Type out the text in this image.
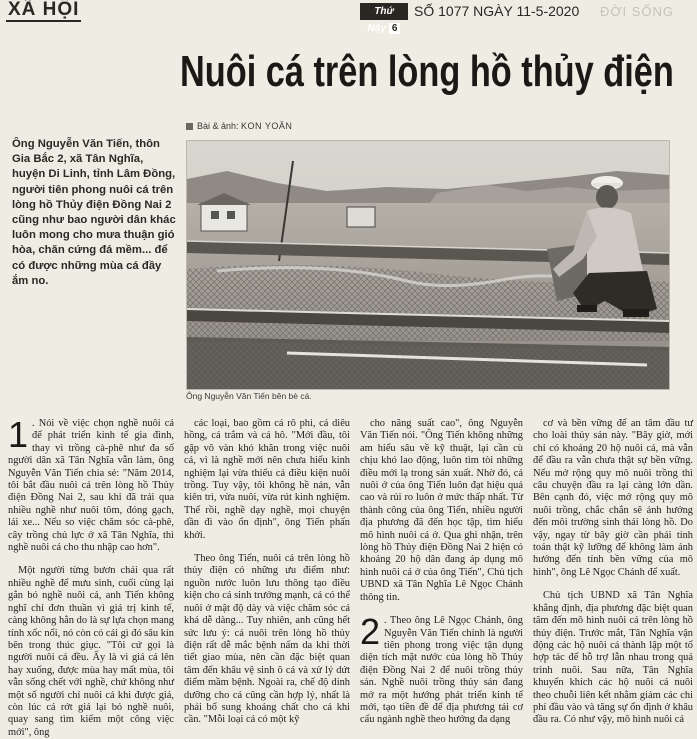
XÃ HỘI	Thứ Năy 6
SỐ 1077 NGÀY 11-5-2020 ĐỜI SỐNG
Nuôi cá trên lòng hồ thủy điện
Bài & ảnh: KON YOĂN
Ông Nguyễn Văn Tiến, thôn Gia Bắc 2, xã Tân Nghĩa, huyện Di Linh, tỉnh Lâm Đồng, người tiên phong nuôi cá trên lòng hồ Thủy điện Đồng Nai 2 cũng như bao người dân khác luôn mong cho mưa thuận gió hòa, chăn cứng đá mềm... để có được những mùa cá đầy ắm no.
Ông Nguyễn Văn Tiến bên bè cá.

1 . Nói về việc chọn nghề nuôi cá để phát triển kinh tế gia đình, thay vì trồng cà-phê như đa số người dân xã Tân Nghĩa vẫn làm, ông Nguyễn Văn Tiến chia sẻ: "Năm 2014, tôi bắt đầu nuôi cá trên lòng hồ Thủy điện Đồng Nai 2, sau khi đã trải qua nhiều nghề như nuôi tôm, đóng gạch, lái xe... Nếu so việc chăm sóc cà-phê, cây trồng chủ lực ở xã Tân Nghĩa, thì nghề nuôi cá cho thu nhập cao hơn".

Một người từng bươn chải qua rất nhiều nghề để mưu sinh, cuối cùng lại gắn bó nghề nuôi cá, anh Tiến không nghĩ chỉ đơn thuần vì giá trị kinh tế, càng không hẳn do là sự lựa chọn mang tính xốc nổi, nó còn có cái gì đó sâu kín bên trong thúc giục. "Tôi cứ gọi là người nuôi cá đều. Ấy là vì giá cá lên hay xuống, được mùa hay mất mùa, tôi vẫn sống chết với nghề, chứ không như một số người chỉ nuôi cá khi được giá, còn lúc cá rớt giá lại bỏ nghề nuôi, quay sang tìm kiếm một công việc mới", ông

các loại, bao gồm cá rô phi, cá diêu hồng, cá trắm và cá hô. "Mới đầu, tôi gặp vô vàn khó khăn trong việc nuôi cá, vì là nghề mới nên chưa hiểu kinh nghiệm lại vừa thiếu cả điều kiện nuôi trồng. Tuy vậy, tôi không hề nản, vẫn kiên trì, vừa nuôi, vừa rút kinh nghiệm. Thế rồi, nghề dạy nghề, mọi chuyện dần đi vào ổn định", ông Tiến phấn khởi.

Theo ông Tiến, nuôi cá trên lòng hồ thủy điện có những ưu điểm như: nguồn nước luôn lưu thông tạo điều kiện cho cá sinh trưởng mạnh, cá có thể nuôi ở mật độ dày và việc chăm sóc cá khá dễ dàng... Tuy nhiên, anh cũng hết sức lưu ý: cá nuôi trên lòng hồ thủy điện rất dễ mắc bệnh nấm da khi thời tiết giao mùa, nên cần đặc biệt quan tâm đến khâu vệ sinh ô cá và xử lý dứt điểm mầm bệnh. Ngoài ra, chế độ dinh dưỡng cho cá cũng cần hợp lý, nhất là phải bổ sung khoáng chất cho cá khi cần. "Mỗi loại cá có một kỹ

cho năng suất cao", ông Nguyễn Văn Tiến nói. "Ông Tiến không những am hiểu sâu về kỹ thuật, lại cần cù chịu khó lao động, luôn tìm tòi những điều mới lạ trong sản xuất. Nhờ đó, cá nuôi ở của ông Tiến luôn đạt hiệu quả cao và rủi ro luôn ở mức thấp nhất. Từ thành công của ông Tiến, nhiều người địa phương đã đến học tập, tìm hiểu mô hình nuôi cá ở. Qua ghi nhận, trên lòng hồ Thủy điện Đồng Nai 2 hiện có khoảng 20 hộ dân đang áp dụng mô hình nuôi cá ở của ông Tiến", Chủ tịch UBND xã Tân Nghĩa Lê Ngọc Chánh thông tin.

2 . Theo ông Lê Ngọc Chánh, ông Nguyễn Văn Tiến chính là người tiên phong trong việc tận dụng diện tích mặt nước của lòng hồ Thủy điện Đồng Nai 2 để nuôi trồng thủy sản. Nghề nuôi trồng thủy sản đang mở ra một hướng phát triển kinh tế mới, tạo tiền đề để địa phương tái cơ cấu ngành nghề theo hướng đa dạng

cơ và bền vững để an tâm đầu tư cho loài thủy sản này. "Bây giờ, mới chỉ có khoảng 20 hộ nuôi cá, mà vẫn để đầu ra vẫn chưa thật sự bền vững. Nếu mở rộng quy mô nuôi trồng thì câu chuyện đầu ra lại càng lớn dần. Bên cạnh đó, việc mở rộng quy mô nuôi trồng, chắc chắn sẽ ảnh hưởng đến môi trường sinh thái lòng hồ. Do vậy, ngay từ bây giờ cần phải tính toán thật kỹ lưỡng để không làm ảnh hưởng đến tính bền vững của mô hình", ông Lê Ngọc Chánh để xuất.

Chủ tịch UBND xã Tân Nghĩa khẳng định, địa phương đặc biệt quan tâm đến mô hình nuôi cá trên lòng hồ thủy điện. Trước mắt, Tân Nghĩa vận động các hộ nuôi cá thành lập một tổ hợp tác để hỗ trợ lẫn nhau trong quá trình nuôi. Sau nữa, Tân Nghĩa khuyến khích các hộ nuôi cá nuôi theo chuỗi liên kết nhằm giảm các chi phí đầu vào và tăng sự ổn định ở khâu đầu ra. Có như vậy, mô hình nuôi cá
